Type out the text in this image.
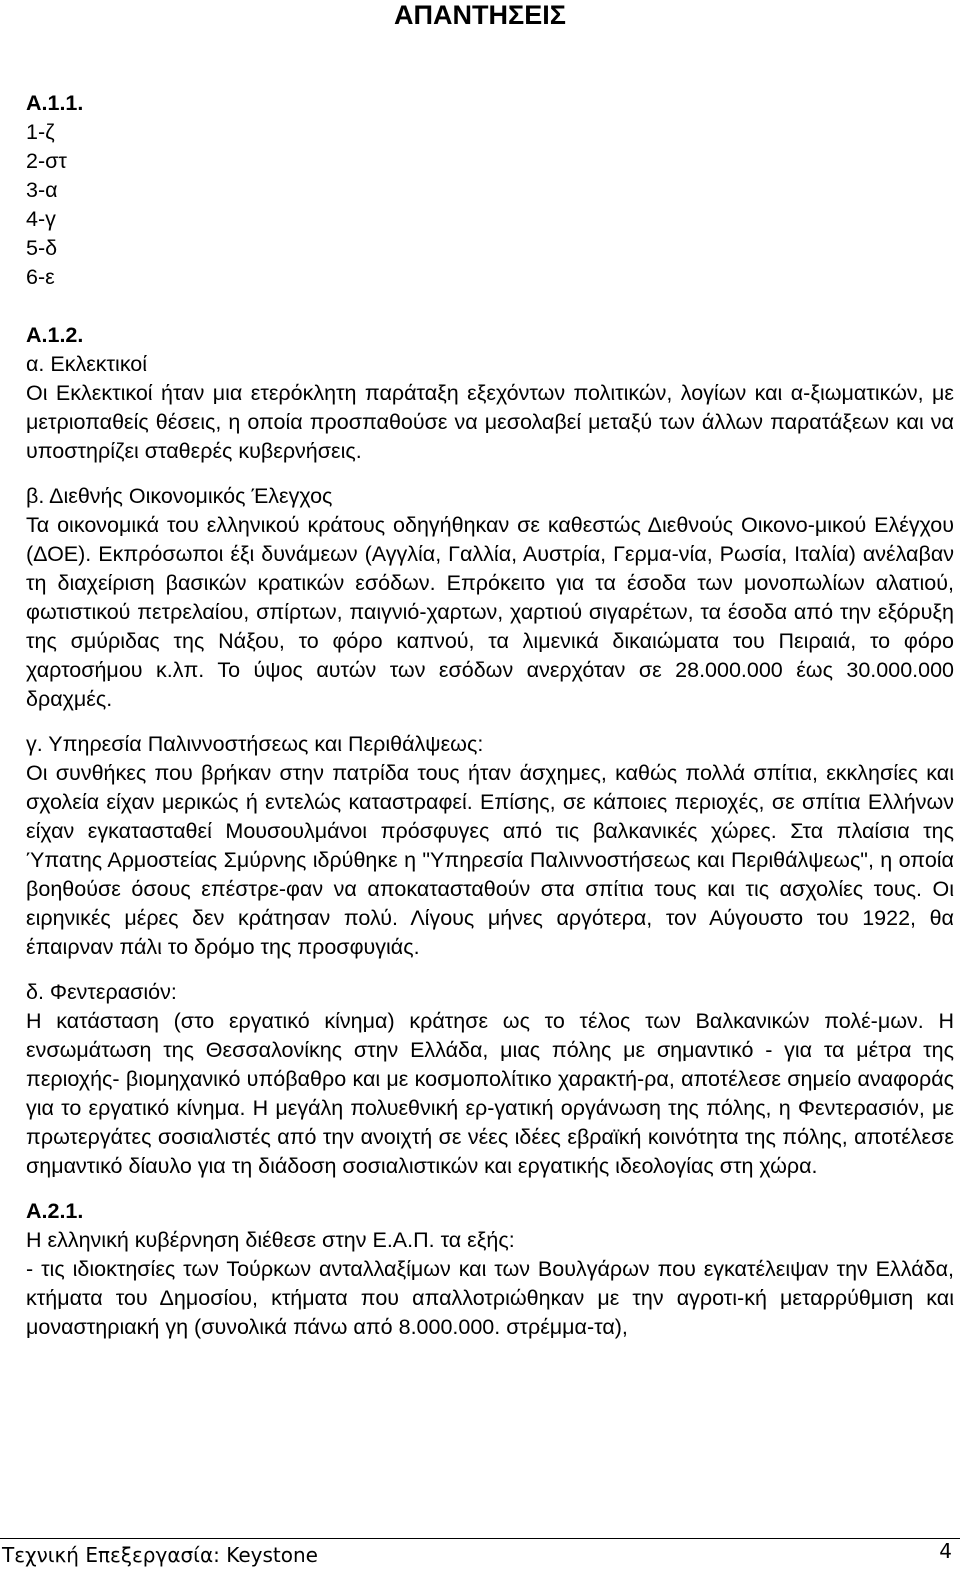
ΑΠΑΝΤΗΣΕΙΣ

Α.1.1.

1-ζ

2-στ

3-α

4-γ

5-δ

6-ε

Α.1.2.

α. Εκλεκτικοί

Οι Εκλεκτικοί ήταν μια ετερόκλητη παράταξη εξεχόντων πολιτικών, λογίων και α-ξιωματικών, με μετριοπαθείς θέσεις, η οποία προσπαθούσε να μεσολαβεί μεταξύ των άλλων παρατάξεων και να υποστηρίζει σταθερές κυβερνήσεις.

β. Διεθνής Οικονομικός Έλεγχος

Τα οικονομικά του ελληνικού κράτους οδηγήθηκαν σε καθεστώς Διεθνούς Οικονο-μικού Ελέγχου (ΔΟΕ). Εκπρόσωποι έξι δυνάμεων (Αγγλία, Γαλλία, Αυστρία, Γερμα-νία, Ρωσία, Ιταλία) ανέλαβαν τη διαχείριση βασικών κρατικών εσόδων. Επρόκειτο για τα έσοδα των μονοπωλίων αλατιού, φωτιστικού πετρελαίου, σπίρτων, παιγνιό-χαρτων, χαρτιού σιγαρέτων, τα έσοδα από την εξόρυξη της σμύριδας της Νάξου, το φόρο καπνού, τα λιμενικά δικαιώματα του Πειραιά, το φόρο χαρτοσήμου κ.λπ. Το ύψος αυτών των εσόδων ανερχόταν σε 28.000.000 έως 30.000.000 δραχμές.

γ. Υπηρεσία Παλιννοστήσεως και Περιθάλψεως:

Οι συνθήκες που βρήκαν στην πατρίδα τους ήταν άσχημες, καθώς πολλά σπίτια, εκκλησίες και σχολεία είχαν μερικώς ή εντελώς καταστραφεί. Επίσης, σε κάποιες περιοχές, σε σπίτια Ελλήνων είχαν εγκατασταθεί Μουσουλμάνοι πρόσφυγες από τις βαλκανικές χώρες. Στα πλαίσια της Ύπατης Αρμοστείας Σμύρνης ιδρύθηκε η "Υπηρεσία Παλιννοστήσεως και Περιθάλψεως", η οποία βοηθούσε όσους επέστρε-φαν να αποκατασταθούν στα σπίτια τους και τις ασχολίες τους. Οι ειρηνικές μέρες δεν κράτησαν πολύ. Λίγους μήνες αργότερα, τον Αύγουστο του 1922, θα έπαιρναν πάλι το δρόμο της προσφυγιάς.

δ. Φεντερασιόν:

Η κατάσταση (στο εργατικό κίνημα) κράτησε ως το τέλος των Βαλκανικών πολέ-μων. Η ενσωμάτωση της Θεσσαλονίκης στην Ελλάδα, μιας πόλης με σημαντικό - για τα μέτρα της περιοχής- βιομηχανικό υπόβαθρο και με κοσμοπολίτικο χαρακτή-ρα, αποτέλεσε σημείο αναφοράς για το εργατικό κίνημα. Η μεγάλη πολυεθνική ερ-γατική οργάνωση της πόλης, η Φεντερασιόν, με πρωτεργάτες σοσιαλιστές από την ανοιχτή σε νέες ιδέες εβραϊκή κοινότητα της πόλης, αποτέλεσε σημαντικό δίαυλο για τη διάδοση σοσιαλιστικών και εργατικής ιδεολογίας στη χώρα.

Α.2.1.

Η ελληνική κυβέρνηση διέθεσε στην Ε.Α.Π. τα εξής:

- τις ιδιοκτησίες των Τούρκων ανταλλαξίμων και των Βουλγάρων που εγκατέλειψαν την Ελλάδα, κτήματα του Δημοσίου, κτήματα που απαλλοτριώθηκαν με την αγροτι-κή μεταρρύθμιση και μοναστηριακή γη (συνολικά πάνω από 8.000.000. στρέμμα-τα),

Τεχνική Επεξεργασία: Keystone	4
